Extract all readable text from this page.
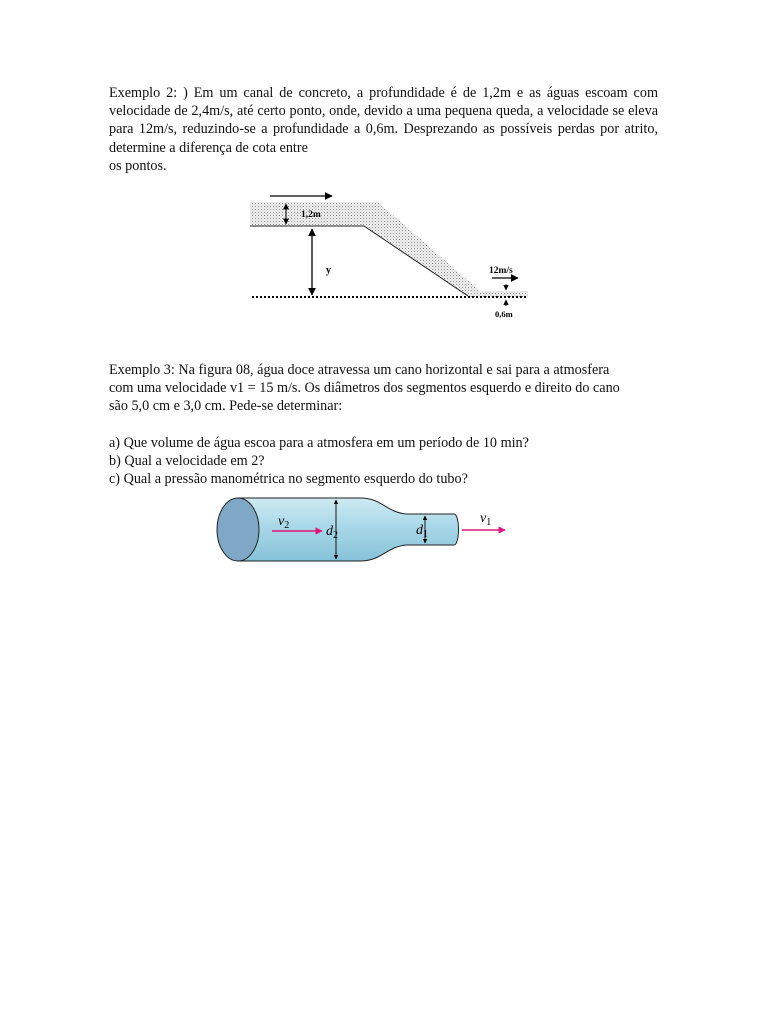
Exemplo 2: ) Em um canal de concreto, a profundidade é de 1,2m e as águas escoam com velocidade de 2,4m/s, até certo ponto, onde, devido a uma pequena queda, a velocidade se eleva para 12m/s, reduzindo-se a profundidade a 0,6m. Desprezando as possíveis perdas por atrito, determine a diferença de cota entre
os pontos.
1,2m
y	12m/s
0,6m
Exemplo 3: Na figura 08, água doce atravessa um cano horizontal e sai para a atmosfera
com uma velocidade v1 = 15 m/s. Os diâmetros dos segmentos esquerdo e direito do cano
são 5,0 cm e 3,0 cm. Pede-se determinar:
a) Que volume de água escoa para a atmosfera em um período de 10 min?
b) Qual a velocidade em 2?
c) Qual a pressão manométrica no segmento esquerdo do tubo?
$v_2$	$d_2$	$d_1$
$v_1$
